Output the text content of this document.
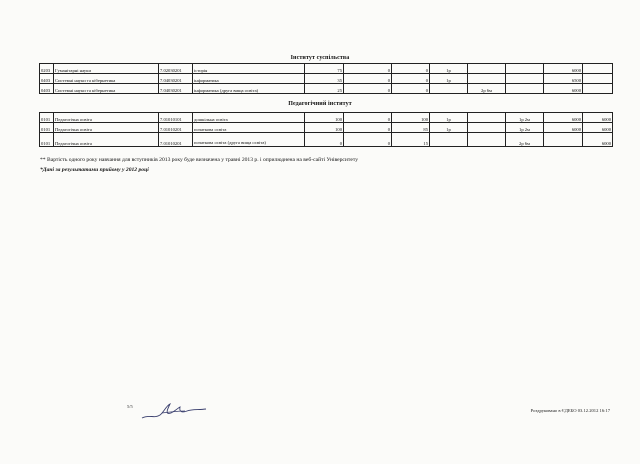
Інститут суспільства
0203	Гуманітарні науки	7.02030201	історія	75	0	0	1р			6000	
0403	Системні науки та кібернетика	7.04030201	інформатика	35	0	0	1р			6500	
0403	Системні науки та кібернетика	7.04030201	інформатика (друга вища освіта)	25	0	0		2р 6м		6000	
Педагогічний інститут
0101	Педагогічна освіта	7.01010101	дошкільна освіта	100	0	100	1р		1р 2м	6000	6000
0101	Педагогічна освіта	7.01010201	початкова освіта	100	0	85	1р		1р 2м	6000	6000
0101	Педагогічна освіта	7.01010201	початкова освіта (друга вища освіта)	0	0	15			2р 6м		6000
** Вартість одного року навчання для вступників 2013 року буде визначена у травні 2013 р. і оприлюднена на веб-сайті Університету
*Дані за результатами прийому у 2012 році
5/5
Роздруковано в ЄДЕБО 03.12.2012 16:17
